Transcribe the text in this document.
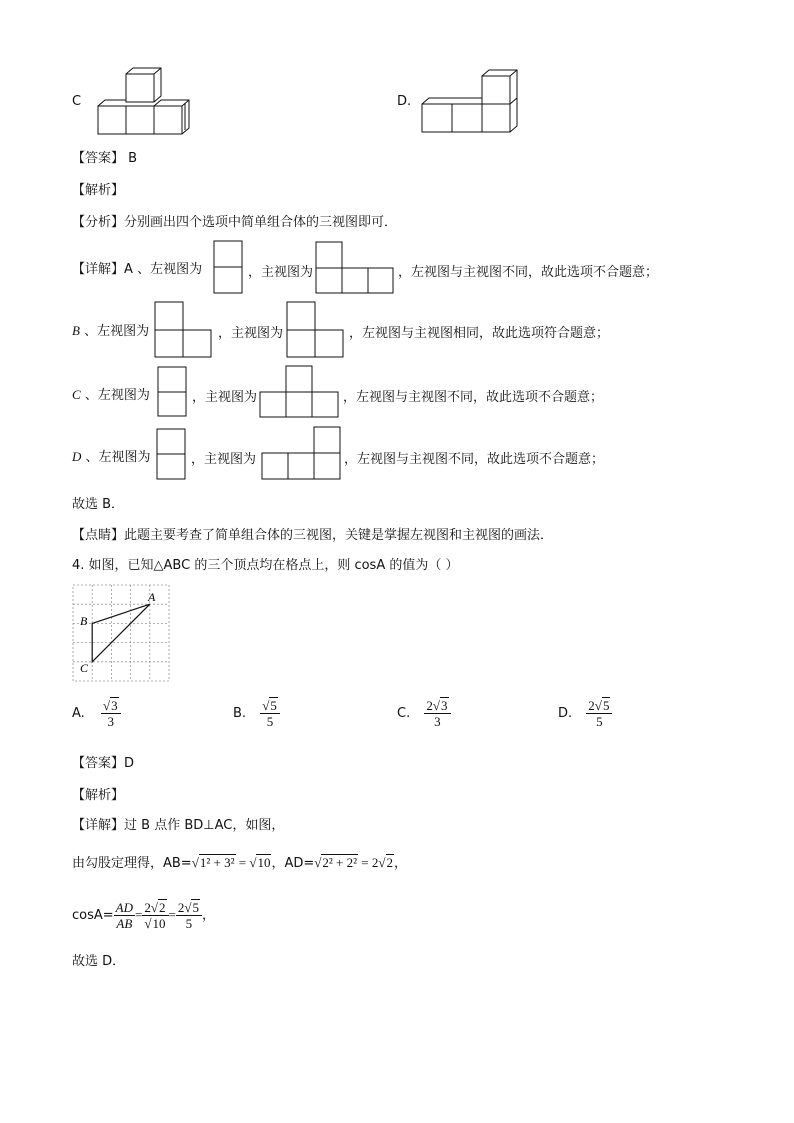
C	D.
【答案】 B
【解析】
【分析】分别画出四个选项中简单组合体的三视图即可．
【详解】A 、左视图为	，主视图为	，左视图与主视图不同，故此选项不合题意；
B 、左视图为	，主视图为	，左视图与主视图相同，故此选项符合题意；
C 、左视图为	，主视图为	，左视图与主视图不同，故此选项不合题意；
D 、左视图为	，主视图为	，左视图与主视图不同，故此选项不合题意；
故选 B．
【点睛】此题主要考查了简单组合体的三视图，关键是掌握左视图和主视图的画法．
4. 如图，已知△ABC 的三个顶点均在格点上，则 cosA 的值为（ ）
A
B
C
A. $\frac{√3}{3}$	B. $\frac{√5}{5}$	C. $\frac{2√3}{3}$	D. $\frac{2√5}{5}$
【答案】D
【解析】
【详解】过 B 点作 BD⊥AC，如图，
由勾股定理得，AB=√1² + 3² = √10，AD=√2² + 2² = 2√2，
$\cos A= \frac{AD}{AB} = \frac{2√2}{√10} = \frac{2√5}{5}$ ，
故选 D．
